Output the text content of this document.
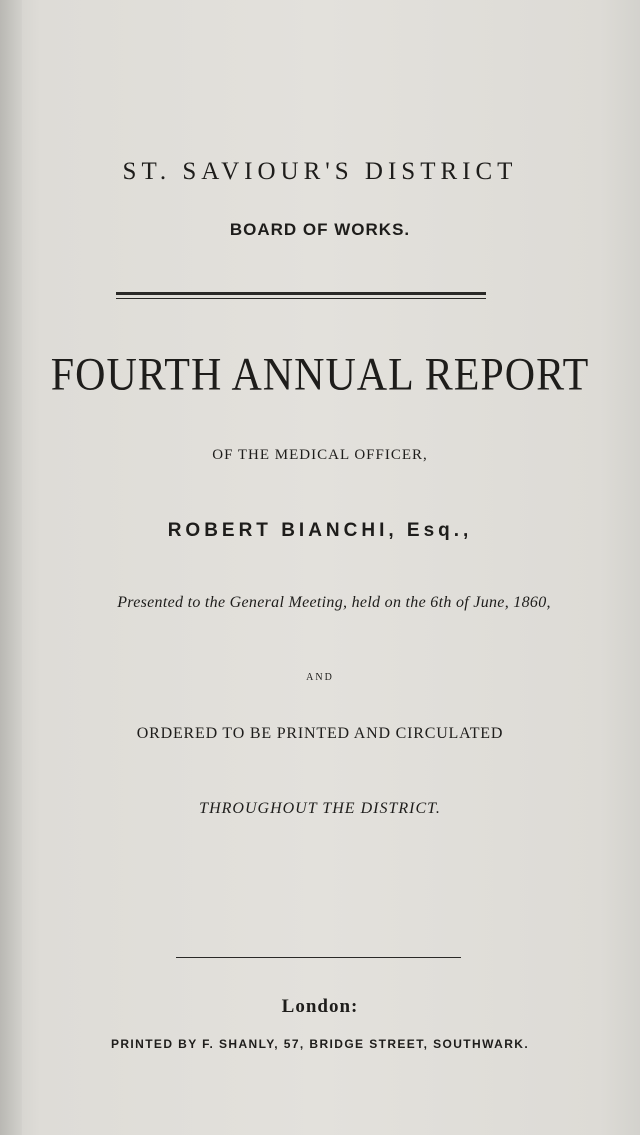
ST. SAVIOUR'S DISTRICT
BOARD OF WORKS.
FOURTH ANNUAL REPORT
OF THE MEDICAL OFFICER,
ROBERT BIANCHI, Esq.,
Presented to the General Meeting, held on the 6th of June, 1860,
AND
ORDERED TO BE PRINTED AND CIRCULATED
THROUGHOUT THE DISTRICT.
London:
PRINTED BY F. SHANLY, 57, BRIDGE STREET, SOUTHWARK.
